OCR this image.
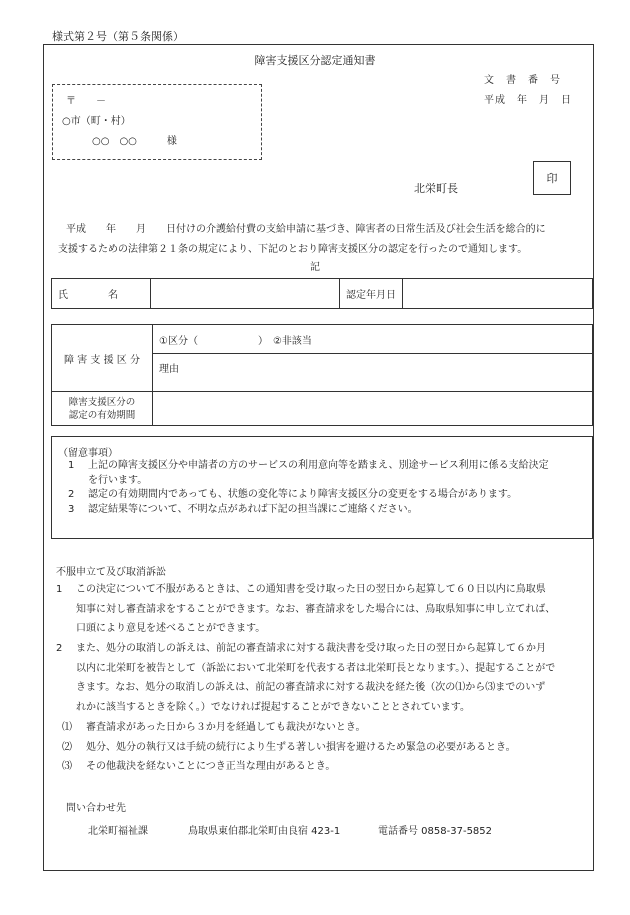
様式第２号（第５条関係）
障害支援区分認定通知書
文　書　番　号
平成　年　月　日
〒　　－
○市（町・村）
○○　○○　　　様
北栄町長
印
平成　　年　　月　　日付けの介護給付費の支給申請に基づき、障害者の日常生活及び社会生活を総合的に
支援するための法律第２１条の規定により、下記のとおり障害支援区分の認定を行ったので通知します。
記
氏　　　　名		認定年月日	
障 害 支 援 区 分	①区分（　　　　　　）　②非該当
	理由

障害支援区分の
認定の有効期間	

（留意事項）
1 上記の障害支援区分や申請者の方のサービスの利用意向等を踏まえ、別途サービス利用に係る支給決定
を行います。
2 認定の有効期間内であっても、状態の変化等により障害支援区分の変更をする場合があります。
3 認定結果等について、不明な点があれば下記の担当課にご連絡ください。
不服申立て及び取消訴訟
1 この決定について不服があるときは、この通知書を受け取った日の翌日から起算して６０日以内に鳥取県
知事に対し審査請求をすることができます。なお、審査請求をした場合には、鳥取県知事に申し立てれば、
口頭により意見を述べることができます。
2 また、処分の取消しの訴えは、前記の審査請求に対する裁決書を受け取った日の翌日から起算して６か月
以内に北栄町を被告として（訴訟において北栄町を代表する者は北栄町長となります。）、提起することがで
きます。なお、処分の取消しの訴えは、前記の審査請求に対する裁決を経た後（次の⑴から⑶までのいず
れかに該当するときを除く。）でなければ提起することができないこととされています。
⑴ 審査請求があった日から３か月を経過しても裁決がないとき。
⑵ 処分、処分の執行又は手続の続行により生ずる著しい損害を避けるため緊急の必要があるとき。
⑶ その他裁決を経ないことにつき正当な理由があるとき。
問い合わせ先
北栄町福祉課	鳥取県東伯郡北栄町由良宿 423-1	電話番号 0858-37-5852
